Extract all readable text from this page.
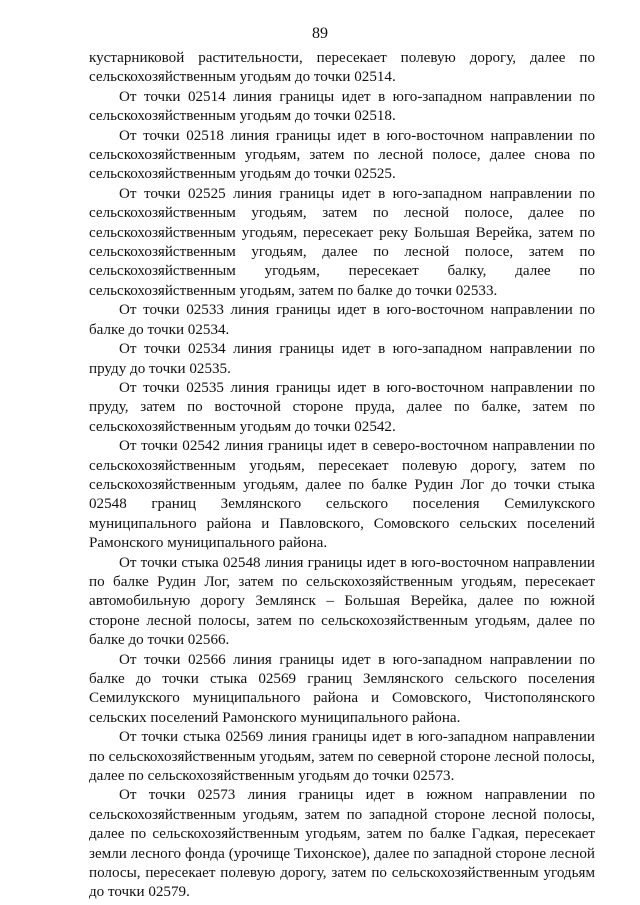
89

кустарниковой растительности, пересекает полевую дорогу, далее по сельскохозяйственным угодьям до точки 02514.

От точки 02514 линия границы идет в юго-западном направлении по сельскохозяйственным угодьям до точки 02518.

От точки 02518 линия границы идет в юго-восточном направлении по сельскохозяйственным угодьям, затем по лесной полосе, далее снова по сельскохозяйственным угодьям до точки 02525.

От точки 02525 линия границы идет в юго-западном направлении по сельскохозяйственным угодьям, затем по лесной полосе, далее по сельскохозяйственным угодьям, пересекает реку Большая Верейка, затем по сельскохозяйственным угодьям, далее по лесной полосе, затем по сельскохозяйственным угодьям, пересекает балку, далее по сельскохозяйственным угодьям, затем по балке до точки 02533.

От точки 02533 линия границы идет в юго-восточном направлении по балке до точки 02534.

От точки 02534 линия границы идет в юго-западном направлении по пруду до точки 02535.

От точки 02535 линия границы идет в юго-восточном направлении по пруду, затем по восточной стороне пруда, далее по балке, затем по сельскохозяйственным угодьям до точки 02542.

От точки 02542 линия границы идет в северо-восточном направлении по сельскохозяйственным угодьям, пересекает полевую дорогу, затем по сельскохозяйственным угодьям, далее по балке Рудин Лог до точки стыка 02548 границ Землянского сельского поселения Семилукского муниципального района и Павловского, Сомовского сельских поселений Рамонского муниципального района.

От точки стыка 02548 линия границы идет в юго-восточном направлении по балке Рудин Лог, затем по сельскохозяйственным угодьям, пересекает автомобильную дорогу Землянск – Большая Верейка, далее по южной стороне лесной полосы, затем по сельскохозяйственным угодьям, далее по балке до точки 02566.

От точки 02566 линия границы идет в юго-западном направлении по балке до точки стыка 02569 границ Землянского сельского поселения Семилукского муниципального района и Сомовского, Чистополянского сельских поселений Рамонского муниципального района.

От точки стыка 02569 линия границы идет в юго-западном направлении по сельскохозяйственным угодьям, затем по северной стороне лесной полосы, далее по сельскохозяйственным угодьям до точки 02573.

От точки 02573 линия границы идет в южном направлении по сельскохозяйственным угодьям, затем по западной стороне лесной полосы, далее по сельскохозяйственным угодьям, затем по балке Гадкая, пересекает земли лесного фонда (урочище Тихонское), далее по западной стороне лесной полосы, пересекает полевую дорогу, затем по сельскохозяйственным угодьям до точки 02579.
